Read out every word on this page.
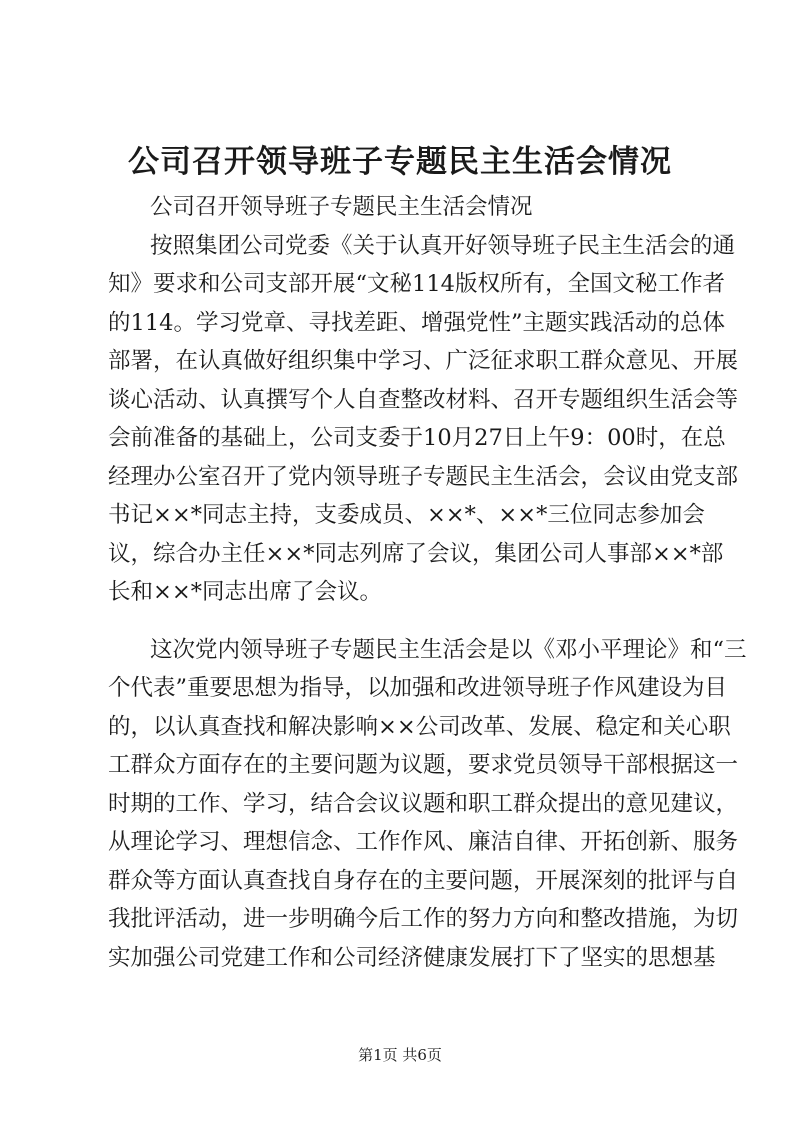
公司召开领导班子专题民主生活会情况
公司召开领导班子专题民主生活会情况
按照集团公司党委《关于认真开好领导班子民主生活会的通
知》要求和公司支部开展“文秘114版权所有，全国文秘工作者
的114。学习党章、寻找差距、增强党性”主题实践活动的总体
部署，在认真做好组织集中学习、广泛征求职工群众意见、开展
谈心活动、认真撰写个人自查整改材料、召开专题组织生活会等
会前准备的基础上，公司支委于10月27日上午9：00时，在总
经理办公室召开了党内领导班子专题民主生活会，会议由党支部
书记××*同志主持，支委成员、××*、××*三位同志参加会
议，综合办主任××*同志列席了会议，集团公司人事部××*部
长和××*同志出席了会议。
这次党内领导班子专题民主生活会是以《邓小平理论》和“三
个代表”重要思想为指导，以加强和改进领导班子作风建设为目
的，以认真查找和解决影响××公司改革、发展、稳定和关心职
工群众方面存在的主要问题为议题，要求党员领导干部根据这一
时期的工作、学习，结合会议议题和职工群众提出的意见建议，
从理论学习、理想信念、工作作风、廉洁自律、开拓创新、服务
群众等方面认真查找自身存在的主要问题，开展深刻的批评与自
我批评活动，进一步明确今后工作的努力方向和整改措施，为切
实加强公司党建工作和公司经济健康发展打下了坚实的思想基
第1页 共6页
